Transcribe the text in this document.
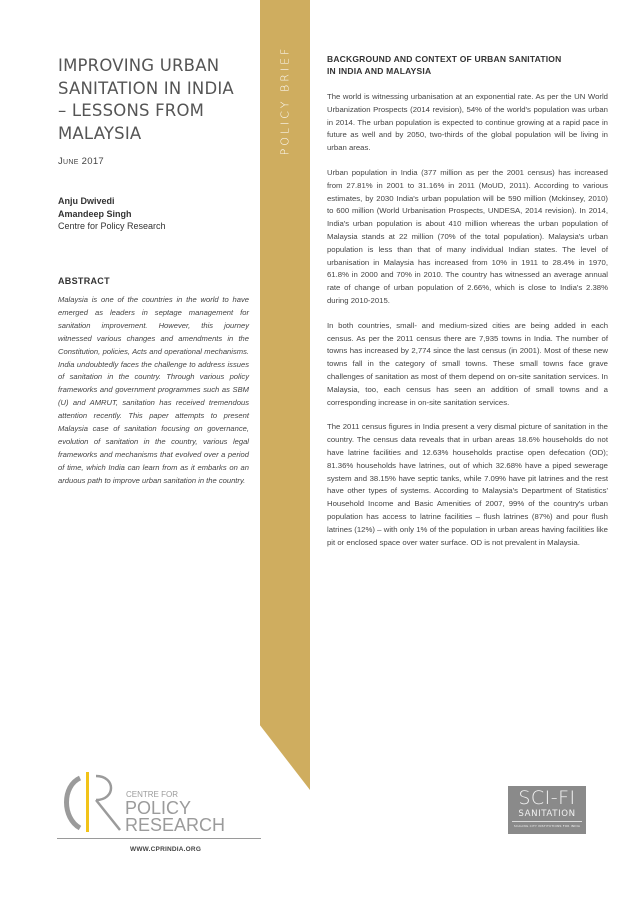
POLICY BRIEF
IMPROVING URBAN
SANITATION IN INDIA
– LESSONS FROM
MALAYSIA
June 2017
Anju Dwivedi
Amandeep Singh
Centre for Policy Research
ABSTRACT

Malaysia is one of the countries in the world to have emerged as leaders in septage management for sanitation improvement. However, this journey witnessed various changes and amendments in the Constitution, policies, Acts and operational mechanisms. India undoubtedly faces the challenge to address issues of sanitation in the country. Through various policy frameworks and government programmes such as SBM (U) and AMRUT, sanitation has received tremendous attention recently. This paper attempts to present Malaysia case of sanitation focusing on governance, evolution of sanitation in the country, various legal frameworks and mechanisms that evolved over a period of time, which India can learn from as it embarks on an arduous path to improve urban sanitation in the country.

BACKGROUND AND CONTEXT OF URBAN SANITATION
IN INDIA AND MALAYSIA

The world is witnessing urbanisation at an exponential rate. As per the UN World Urbanization Prospects (2014 revision), 54% of the world's population was urban in 2014. The urban population is expected to continue growing at a rapid pace in future as well and by 2050, two-thirds of the global population will be living in urban areas.

Urban population in India (377 million as per the 2001 census) has increased from 27.81% in 2001 to 31.16% in 2011 (MoUD, 2011). According to various estimates, by 2030 India's urban population will be 590 million (Mckinsey, 2010) to 600 million (World Urbanisation Prospects, UNDESA, 2014 revision). In 2014, India's urban population is about 410 million whereas the urban population of Malaysia stands at 22 million (70% of the total population). Malaysia's urban population is less than that of many individual Indian states. The level of urbanisation in Malaysia has increased from 10% in 1911 to 28.4% in 1970, 61.8% in 2000 and 70% in 2010. The country has witnessed an average annual rate of change of urban population of 2.66%, which is close to India's 2.38% during 2010-2015.

In both countries, small- and medium-sized cities are being added in each census. As per the 2011 census there are 7,935 towns in India. The number of towns has increased by 2,774 since the last census (in 2001). Most of these new towns fall in the category of small towns. These small towns face grave challenges of sanitation as most of them depend on on-site sanitation services. In Malaysia, too, each census has seen an addition of small towns and a corresponding increase in on-site sanitation services.

The 2011 census figures in India present a very dismal picture of sanitation in the country. The census data reveals that in urban areas 18.6% households do not have latrine facilities and 12.63% households practise open defecation (OD); 81.36% households have latrines, out of which 32.68% have a piped sewerage system and 38.15% have septic tanks, while 7.09% have pit latrines and the rest have other types of systems. According to Malaysia's Department of Statistics' Household Income and Basic Amenities of 2007, 99% of the country's urban population has access to latrine facilities – flush latrines (87%) and pour flush latrines (12%) – with only 1% of the population in urban areas having facilities like pit or enclosed space over water surface. OD is not prevalent in Malaysia.

CENTRE FOR
POLICY
RESEARCH
WWW.CPRINDIA.ORG
SCI-FI
SANITATION
SCALING CITY INSTITUTIONS FOR INDIA
